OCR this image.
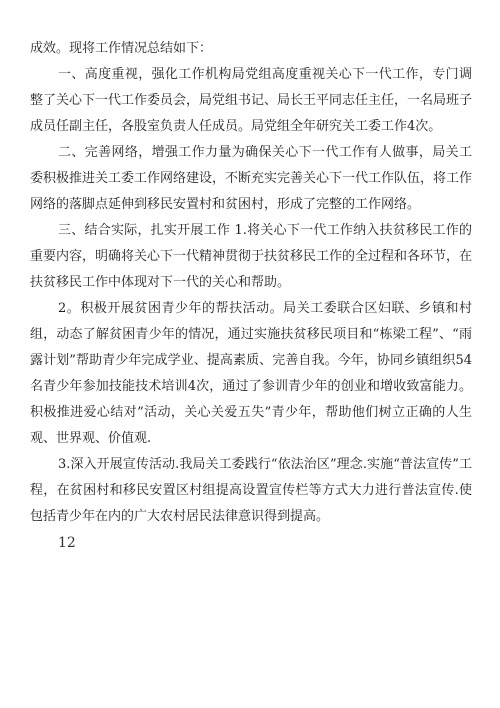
成效。现将工作情况总结如下：

一、高度重视，强化工作机构局党组高度重视关心下一代工作，专门调整了关心下一代工作委员会，局党组书记、局长王平同志任主任，一名局班子成员任副主任，各股室负责人任成员。局党组全年研究关工委工作4次。

二、完善网络，增强工作力量为确保关心下一代工作有人做事，局关工委积极推进关工委工作网络建设，不断充实完善关心下一代工作队伍，将工作网络的落脚点延伸到移民安置村和贫困村，形成了完整的工作网络。

三、结合实际，扎实开展工作 1.将关心下一代工作纳入扶贫移民工作的重要内容，明确将关心下一代精神贯彻于扶贫移民工作的全过程和各环节，在扶贫移民工作中体现对下一代的关心和帮助。

2。积极开展贫困青少年的帮扶活动。局关工委联合区妇联、乡镇和村组，动态了解贫困青少年的情况，通过实施扶贫移民项目和“栋梁工程”、“雨露计划”帮助青少年完成学业、提高素质、完善自我。今年，协同乡镇组织54名青少年参加技能技术培训4次，通过了参训青少年的创业和增收致富能力。积极推进爱心结对”活动，关心关爱五失”青少年，帮助他们树立正确的人生观、世界观、价值观.

3.深入开展宣传活动.我局关工委践行“依法治区”理念.实施“普法宣传”工程，在贫困村和移民安置区村组提高设置宣传栏等方式大力进行普法宣传.使包括青少年在内的广大农村居民法律意识得到提高。

12
